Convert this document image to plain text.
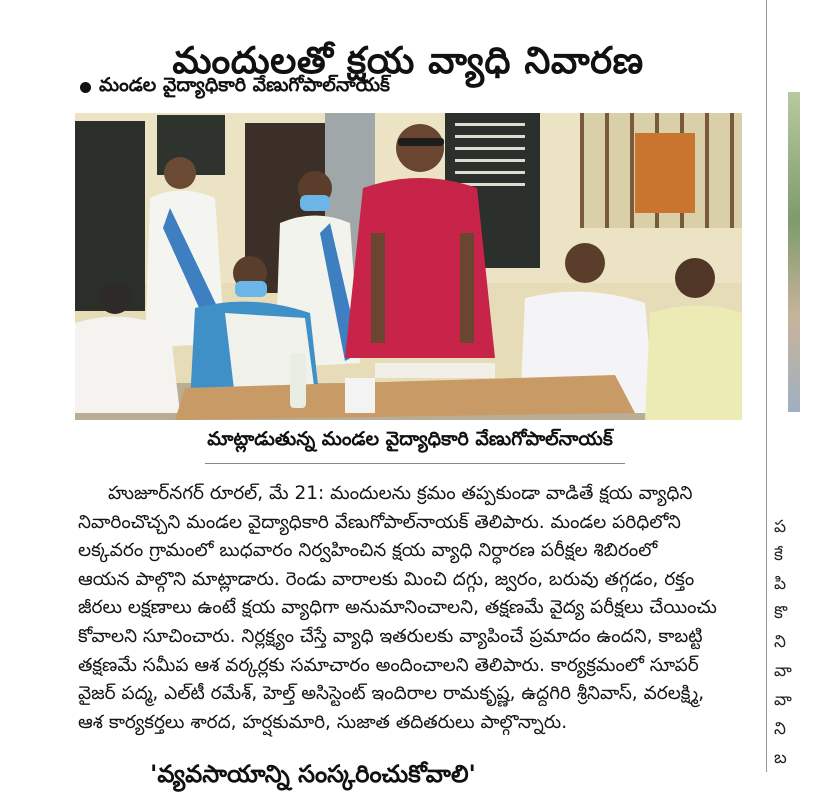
ప
కే
పి
కొ
ని
వా
వా
ని
బ
మందులతో క్షయ వ్యాధి నివారణ
మండల వైద్యాధికారి వేణుగోపాల్‌నాయక్
మాట్లాడుతున్న మండల వైద్యాధికారి వేణుగోపాల్‌నాయక్
హుజూర్‌నగర్ రూరల్, మే 21: మందులను క్రమం తప్పకుండా వాడితే క్షయ వ్యాధిని
నివారించొచ్చని మండల వైద్యాధికారి వేణుగోపాల్‌నాయక్ తెలిపారు. మండల పరిధిలోని
లక్కవరం గ్రామంలో బుధవారం నిర్వహించిన క్షయ వ్యాధి నిర్ధారణ పరీక్షల శిబిరంలో
ఆయన పాల్గొని మాట్లాడారు. రెండు వారాలకు మించి దగ్గు, జ్వరం, బరువు తగ్గడం, రక్తం
జీరలు లక్షణాలు ఉంటే క్షయ వ్యాధిగా అనుమానించాలని, తక్షణమే వైద్య పరీక్షలు చేయించు
కోవాలని సూచించారు. నిర్లక్ష్యం చేస్తే వ్యాధి ఇతరులకు వ్యాపించే ప్రమాదం ఉందని, కాబట్టి
తక్షణమే సమీప ఆశ వర్కర్లకు సమాచారం అందించాలని తెలిపారు. కార్యక్రమంలో సూపర్
వైజర్ పద్మ, ఎల్‌టీ రమేశ్, హెల్త్ అసిస్టెంట్ ఇందిరాల రామకృష్ణ, ఉద్దగిరి శ్రీనివాస్, వరలక్ష్మి,
ఆశ కార్యకర్తలు శారద, హర్షకుమారి, సుజాత తదితరులు పాల్గొన్నారు.
'వ్యవసాయాన్ని సంస్కరించుకోవాలి'
